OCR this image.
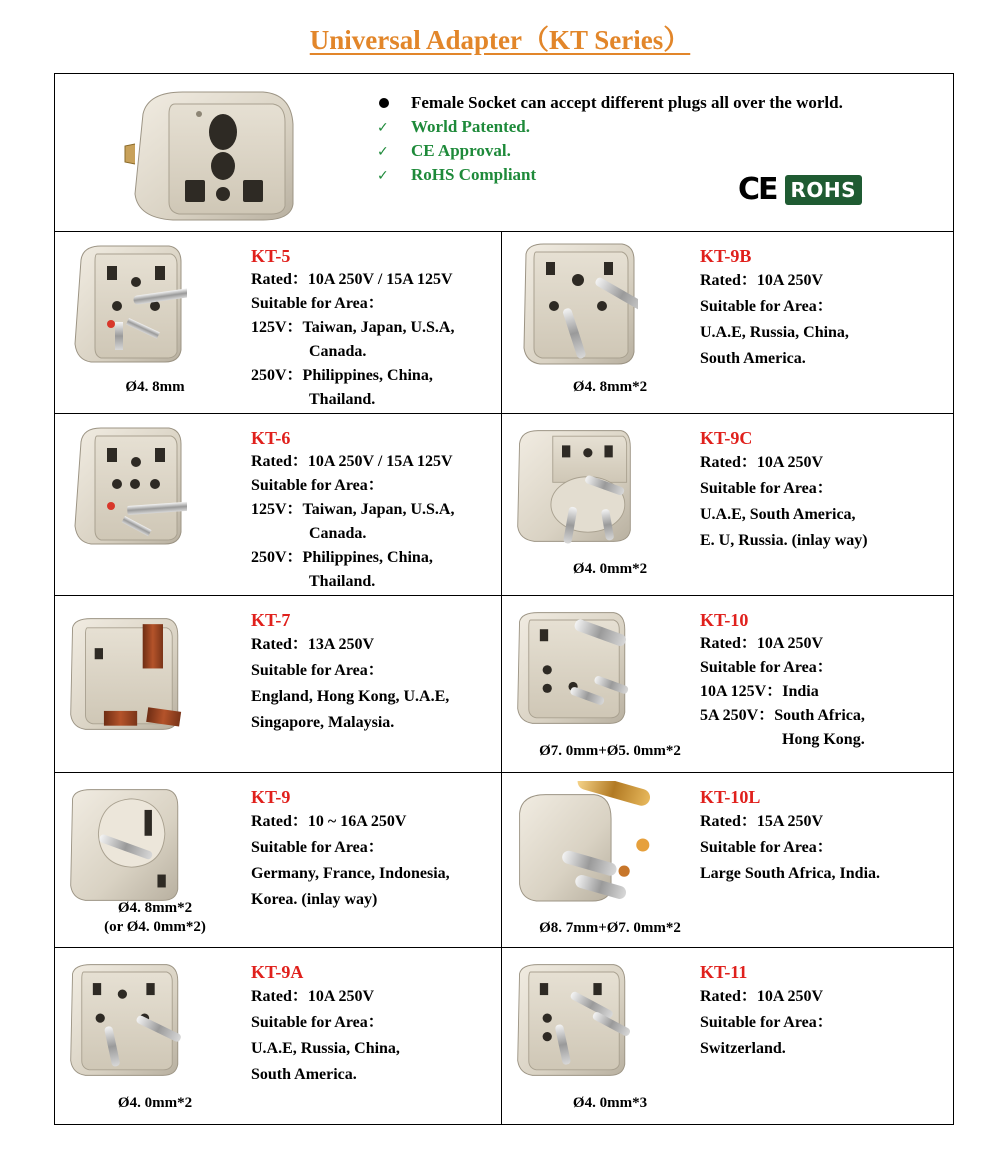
Universal Adapter（KT Series）
Female Socket can accept different plugs all over the world.
✓	World Patented.
✓	CE Approval.
✓	RoHS Compliant	CE ROHS
Ø4. 8mm
KT-5
Rated：10A 250V / 15A 125V
Suitable for Area：
125V：Taiwan, Japan, U.S.A,
Canada.
250V：Philippines, China,
Thailand.
Ø4. 8mm*2
KT-9B
Rated：10A 250V
Suitable for Area：
U.A.E, Russia, China,
South America.
KT-6
Rated：10A 250V / 15A 125V
Suitable for Area：
125V：Taiwan, Japan, U.S.A,
Canada.
250V：Philippines, China,
Thailand.
Ø4. 0mm*2
KT-9C
Rated：10A 250V
Suitable for Area：
U.A.E, South America,
E. U, Russia. (inlay way)
KT-7
Rated：13A 250V
Suitable for Area：
England, Hong Kong, U.A.E,
Singapore, Malaysia.
Ø7. 0mm+Ø5. 0mm*2
KT-10
Rated：10A 250V
Suitable for Area：
10A 125V：India
5A 250V：South Africa,
Hong Kong.
Ø4. 8mm*2
(or Ø4. 0mm*2)
KT-9
Rated：10 ~ 16A 250V
Suitable for Area：
Germany, France, Indonesia,
Korea. (inlay way)
Ø8. 7mm+Ø7. 0mm*2
KT-10L
Rated：15A 250V
Suitable for Area：
Large South Africa, India.
Ø4. 0mm*2
KT-9A
Rated：10A 250V
Suitable for Area：
U.A.E, Russia, China,
South America.
Ø4. 0mm*3
KT-11
Rated：10A 250V
Suitable for Area：
Switzerland.
